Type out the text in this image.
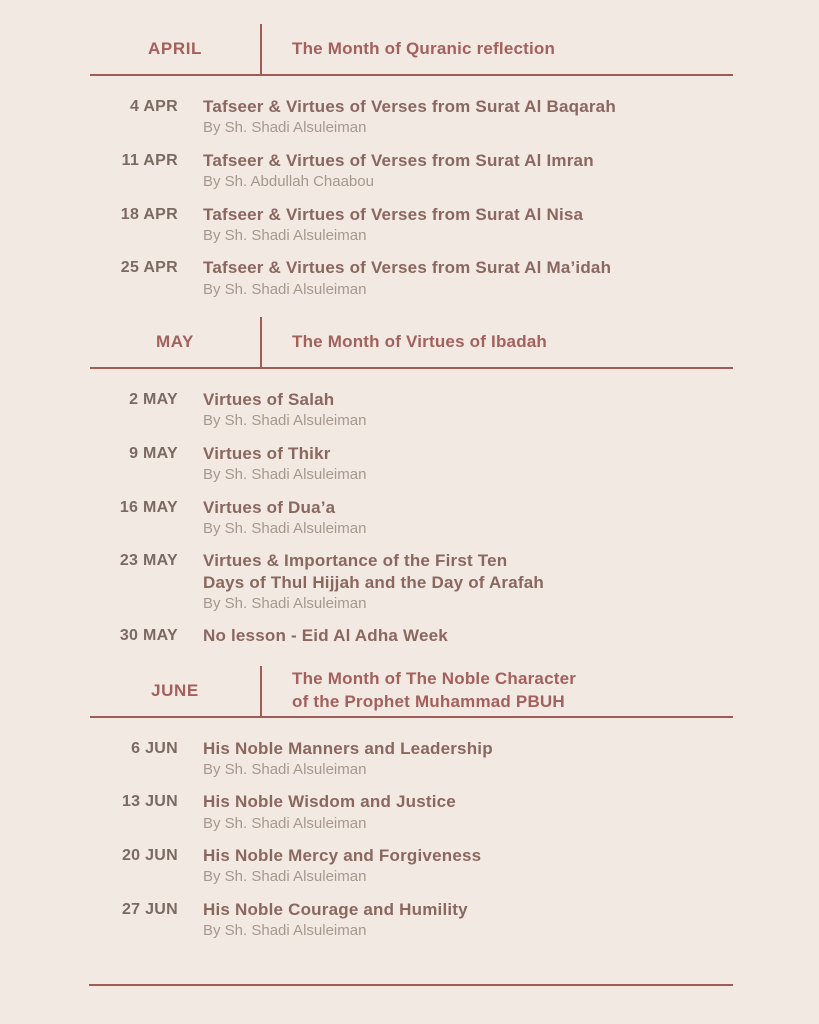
APRIL	The Month of Quranic reflection
4 APR Tafseer & Virtues of Verses from Surat Al Baqarah
By Sh. Shadi Alsuleiman
11 APR Tafseer & Virtues of Verses from Surat Al Imran
By Sh. Abdullah Chaabou
18 APR Tafseer & Virtues of Verses from Surat Al Nisa
By Sh. Shadi Alsuleiman
25 APR Tafseer & Virtues of Verses from Surat Al Ma’idah
By Sh. Shadi Alsuleiman
MAY	The Month of Virtues of Ibadah
2 MAY Virtues of Salah
By Sh. Shadi Alsuleiman
9 MAY Virtues of Thikr
By Sh. Shadi Alsuleiman
16 MAY Virtues of Dua’a
By Sh. Shadi Alsuleiman
23 MAY Virtues & Importance of the First Ten
Days of Thul Hijjah and the Day of Arafah
By Sh. Shadi Alsuleiman
30 MAY No lesson - Eid Al Adha Week
JUNE
The Month of The Noble Character
of the Prophet Muhammad PBUH
6 JUN His Noble Manners and Leadership
By Sh. Shadi Alsuleiman
13 JUN His Noble Wisdom and Justice
By Sh. Shadi Alsuleiman
20 JUN His Noble Mercy and Forgiveness
By Sh. Shadi Alsuleiman
27 JUN His Noble Courage and Humility
By Sh. Shadi Alsuleiman
